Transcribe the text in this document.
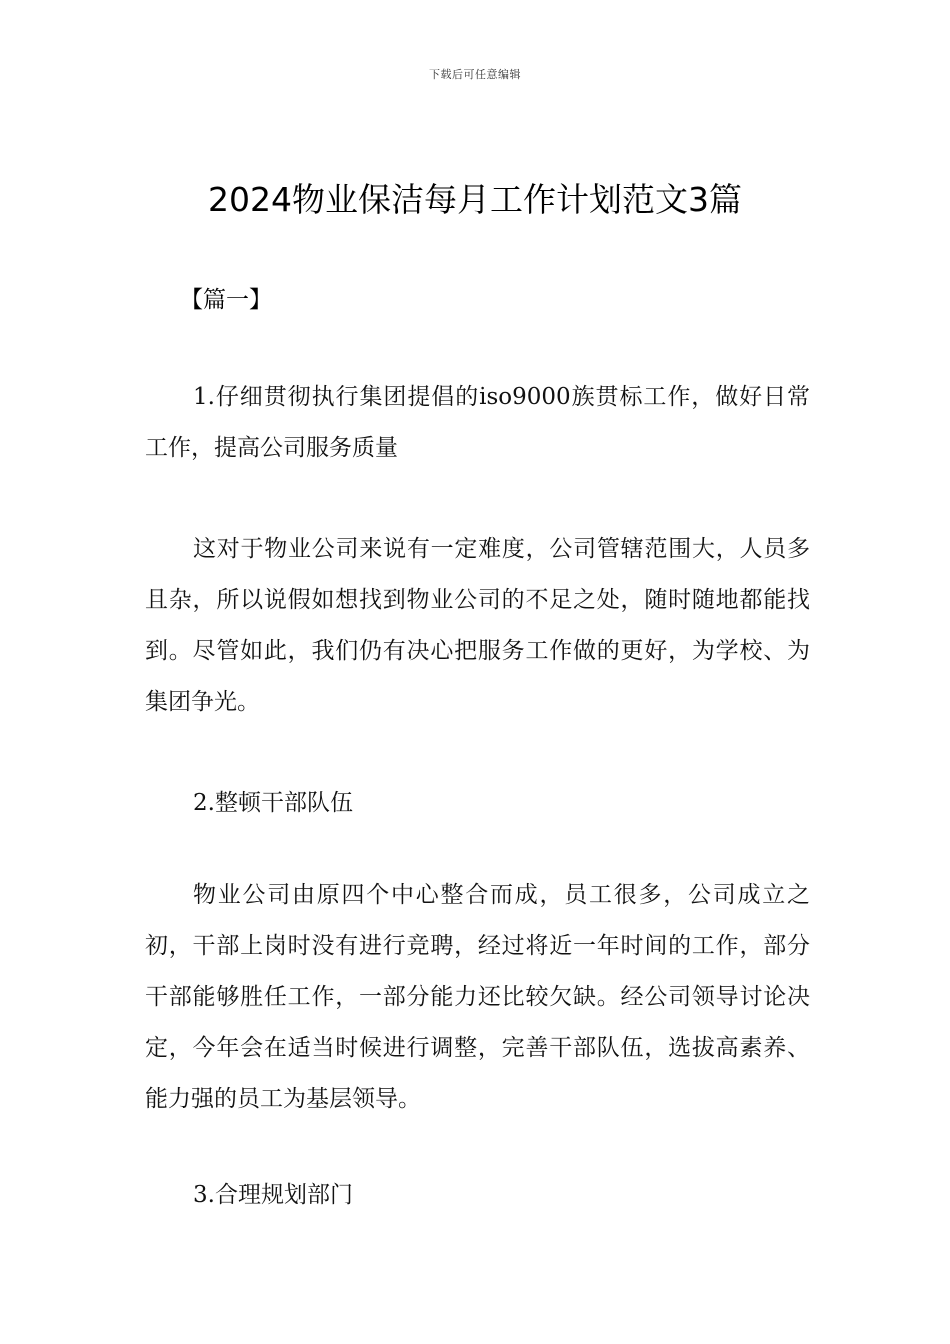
下载后可任意编辑
2024物业保洁每月工作计划范文3篇
【篇一】

1.仔细贯彻执行集团提倡的iso9000族贯标工作，做好日常工作，提高公司服务质量

这对于物业公司来说有一定难度，公司管辖范围大，人员多且杂，所以说假如想找到物业公司的不足之处，随时随地都能找到。尽管如此，我们仍有决心把服务工作做的更好，为学校、为集团争光。

2.整顿干部队伍

物业公司由原四个中心整合而成，员工很多，公司成立之初，干部上岗时没有进行竞聘，经过将近一年时间的工作，部分干部能够胜任工作，一部分能力还比较欠缺。经公司领导讨论决定，今年会在适当时候进行调整，完善干部队伍，选拔高素养、能力强的员工为基层领导。

3.合理规划部门
